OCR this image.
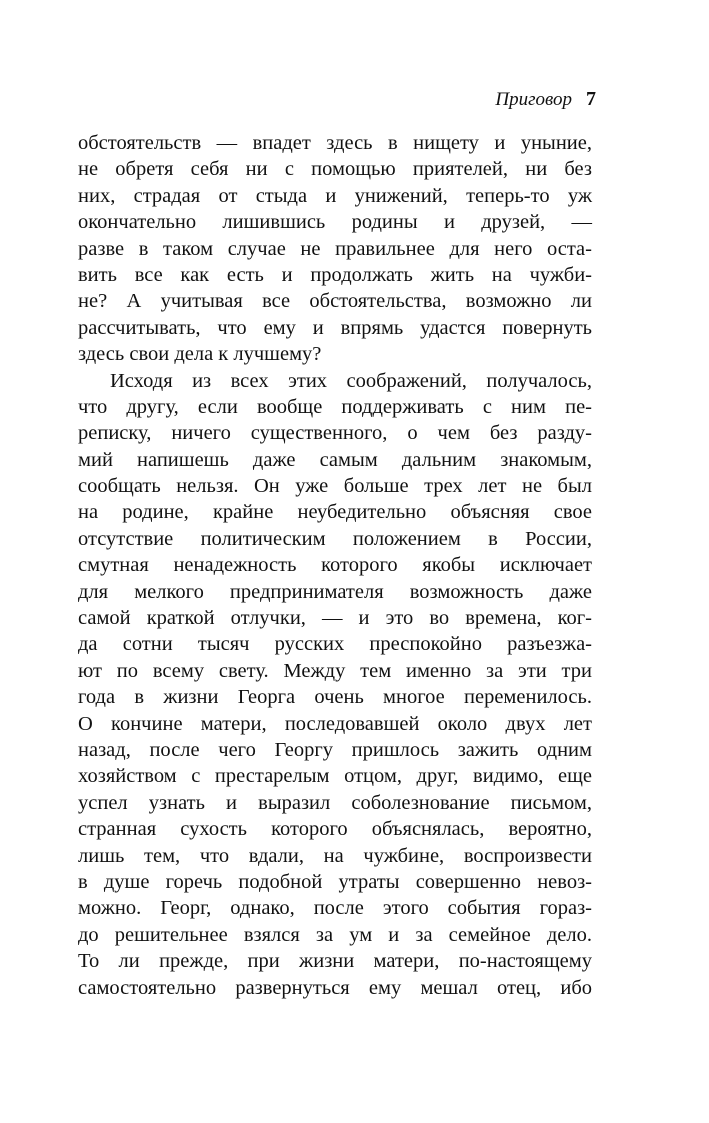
Приговор 7
обстоятельств — впадет здесь в нищету и уныние,
не обретя себя ни с помощью приятелей, ни без
них, страдая от стыда и унижений, теперь-то уж
окончательно лишившись родины и друзей, —
разве в таком случае не правильнее для него оста-
вить все как есть и продолжать жить на чужби-
не? А учитывая все обстоятельства, возможно ли
рассчитывать, что ему и впрямь удастся повернуть
здесь свои дела к лучшему?
Исходя из всех этих соображений, получалось,
что другу, если вообще поддерживать с ним пе-
реписку, ничего существенного, о чем без разду-
мий напишешь даже самым дальним знакомым,
сообщать нельзя. Он уже больше трех лет не был
на родине, крайне неубедительно объясняя свое
отсутствие политическим положением в России,
смутная ненадежность которого якобы исключает
для мелкого предпринимателя возможность даже
самой краткой отлучки, — и это во времена, ког-
да сотни тысяч русских преспокойно разъезжа-
ют по всему свету. Между тем именно за эти три
года в жизни Георга очень многое переменилось.
О кончине матери, последовавшей около двух лет
назад, после чего Георгу пришлось зажить одним
хозяйством с престарелым отцом, друг, видимо, еще
успел узнать и выразил соболезнование письмом,
странная сухость которого объяснялась, вероятно,
лишь тем, что вдали, на чужбине, воспроизвести
в душе горечь подобной утраты совершенно невоз-
можно. Георг, однако, после этого события гораз-
до решительнее взялся за ум и за семейное дело.
То ли прежде, при жизни матери, по-настоящему
самостоятельно развернуться ему мешал отец, ибо
